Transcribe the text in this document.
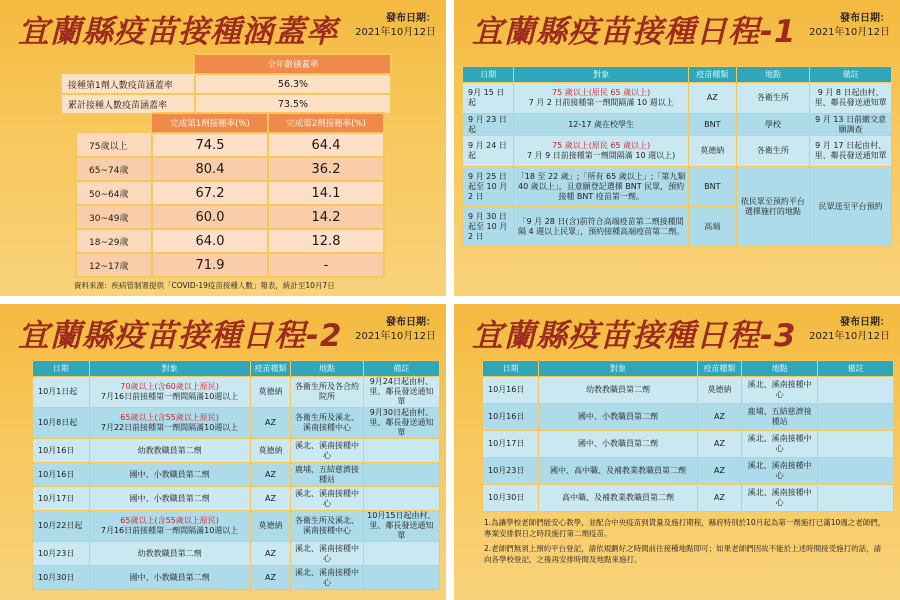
宜蘭縣疫苗接種涵蓋率	發布日期：
2021年10月12日
	全年齡涵蓋率
接種第1劑人數疫苗涵蓋率	56.3%
累計接種人數疫苗涵蓋率	73.5%
	完成第1劑接種率(%)	完成第2劑接種率(%)
75歲以上	74.5	64.4
65~74歲	80.4	36.2
50~64歲	67.2	14.1
30~49歲	60.0	14.2
18~29歲	64.0	12.8
12~17歲	71.9	-
資料來源：疾病管制署提供「COVID-19疫苗接種人數」報表，統計至10月7日
宜蘭縣疫苗接種日程-1	發布日期：
2021年10月12日
日期	對象	疫苗種類	地點	備註
9月 15 日起	75 歲以上(原民 65 歲以上)
7 月 2 日前接種第一劑間隔滿 10 週以上	AZ	各衛生所	9 月 8 日起由村、里、鄰長發送通知單
9 月 23 日起	12-17 歲在校學生	BNT	學校	9 月 13 日前繳交意願調查
9 月 24 日起	75 歲以上(原民 65 歲以上)
7 月 9 日前接種第一劑間隔滿 10 週以上)	莫德納	各衛生所	9 月 17 日起由村、里、鄰長發送通知單
9 月 25 日起至 10 月 2 日	「18 至 22 歲」;「所有 65 歲以上」;「第九類 40 歲以上」，且意願登記選擇 BNT 民眾，預約接種 BNT 疫苗第一劑。	BNT	依民眾至預約平台選擇施打的地點	民眾逕至平台預約
9 月 30 日起至 10 月 2 日	「9 月 28 日(含)前符合高端疫苗第二劑接種間隔 4 週以上民眾」，預約接種高端疫苗第二劑。	高端		
宜蘭縣疫苗接種日程-2	發布日期：
2021年10月12日
日期	對象	疫苗種類	地點	備註
10月1日起	70歲以上(含60歲以上原民)
7月16日前接種第一劑間隔滿10週以上	莫德納	各衛生所及各合約院所	9月24日起由村、里、鄰長發送通知單
10月8日起	65歲以上(含55歲以上原民)
7月22日前接種第一劑間隔滿10週以上	AZ	各衛生所及溪北、溪南接種中心	9月30日起由村、里、鄰長發送通知單
10月16日	幼教教職員第二劑	莫德納	溪北、溪南接種中心	
10月16日	國中、小教職員第二劑	AZ	鹿埔、五結慈濟接種站	
10月17日	國中、小教職員第二劑	AZ	溪北、溪南接種中心	
10月22日起	65歲以上(含55歲以上原民)
7月16日前接種第一劑間隔滿10週以上	莫德納	各衛生所及溪北、溪南接種中心	10月15日起由村、里、鄰長發送通知單
10月23日	幼教教職員第二劑	AZ	溪北、溪南接種中心	
10月30日	國中、小教職員第二劑	AZ	溪北、溪南接種中心	
宜蘭縣疫苗接種日程-3	發布日期：
2021年10月12日
日期	對象	疫苗種類	地點	備註
10月16日	幼教教職員第二劑	莫德納	溪北、溪南接種中心	
10月16日	國中、小教職員第二劑	AZ	鹿埔、五結慈濟接種站	
10月17日	國中、小教職員第二劑	AZ	溪北、溪南接種中心	
10月23日	國中、高中職、及補教業教職員第二劑	AZ	溪北、溪南接種中心	
10月30日	高中職、及補教業教職員第二劑	AZ	溪北、溪南接種中心	

1.為讓學校老師們能安心教學，並配合中央疫苗到貨量及施打期程，縣府特別於10月起為第一劑施打已滿10週之老師們，專案安排假日之時段施打第二劑疫苗。

2.老師們無須上預約平台登記，請依規劃好之時間前往接種地點即可；如果老師們因故不能於上述時間接受施打的話，請向各學校登記，之後再安排時間及地點來施打。
